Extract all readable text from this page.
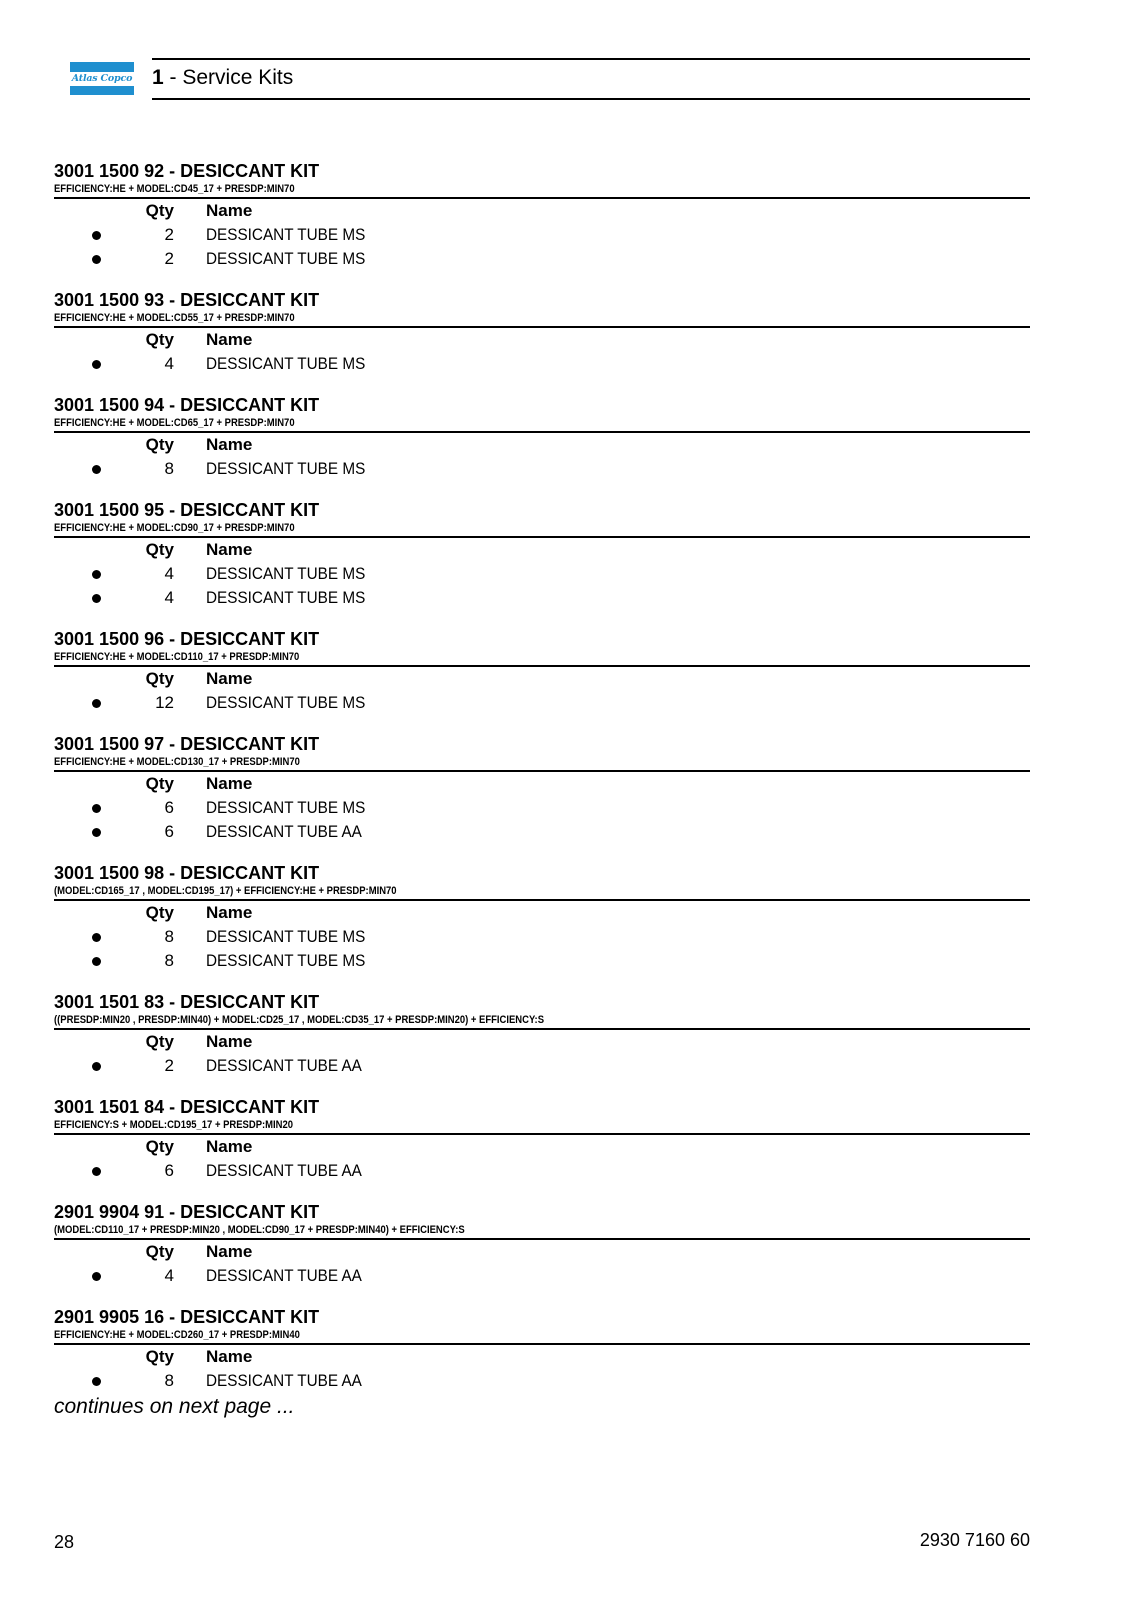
Atlas Copco 1 - Service Kits
3001 1500 92 - DESICCANT KIT
EFFICIENCY:HE + MODEL:CD45_17 + PRESDP:MIN70
Qty Name
2 DESSICANT TUBE MS
2 DESSICANT TUBE MS
3001 1500 93 - DESICCANT KIT
EFFICIENCY:HE + MODEL:CD55_17 + PRESDP:MIN70
Qty Name
4 DESSICANT TUBE MS
3001 1500 94 - DESICCANT KIT
EFFICIENCY:HE + MODEL:CD65_17 + PRESDP:MIN70
Qty Name
8 DESSICANT TUBE MS
3001 1500 95 - DESICCANT KIT
EFFICIENCY:HE + MODEL:CD90_17 + PRESDP:MIN70
Qty Name
4 DESSICANT TUBE MS
4 DESSICANT TUBE MS
3001 1500 96 - DESICCANT KIT
EFFICIENCY:HE + MODEL:CD110_17 + PRESDP:MIN70
Qty Name
12 DESSICANT TUBE MS
3001 1500 97 - DESICCANT KIT
EFFICIENCY:HE + MODEL:CD130_17 + PRESDP:MIN70
Qty Name
6 DESSICANT TUBE MS
6 DESSICANT TUBE AA
3001 1500 98 - DESICCANT KIT
(MODEL:CD165_17 , MODEL:CD195_17) + EFFICIENCY:HE + PRESDP:MIN70
Qty Name
8 DESSICANT TUBE MS
8 DESSICANT TUBE MS
3001 1501 83 - DESICCANT KIT
((PRESDP:MIN20 , PRESDP:MIN40) + MODEL:CD25_17 , MODEL:CD35_17 + PRESDP:MIN20) + EFFICIENCY:S
Qty Name
2 DESSICANT TUBE AA
3001 1501 84 - DESICCANT KIT
EFFICIENCY:S + MODEL:CD195_17 + PRESDP:MIN20
Qty Name
6 DESSICANT TUBE AA
2901 9904 91 - DESICCANT KIT
(MODEL:CD110_17 + PRESDP:MIN20 , MODEL:CD90_17 + PRESDP:MIN40) + EFFICIENCY:S
Qty Name
4 DESSICANT TUBE AA
2901 9905 16 - DESICCANT KIT
EFFICIENCY:HE + MODEL:CD260_17 + PRESDP:MIN40
Qty Name
8 DESSICANT TUBE AA
continues on next page ...
28	2930 7160 60
